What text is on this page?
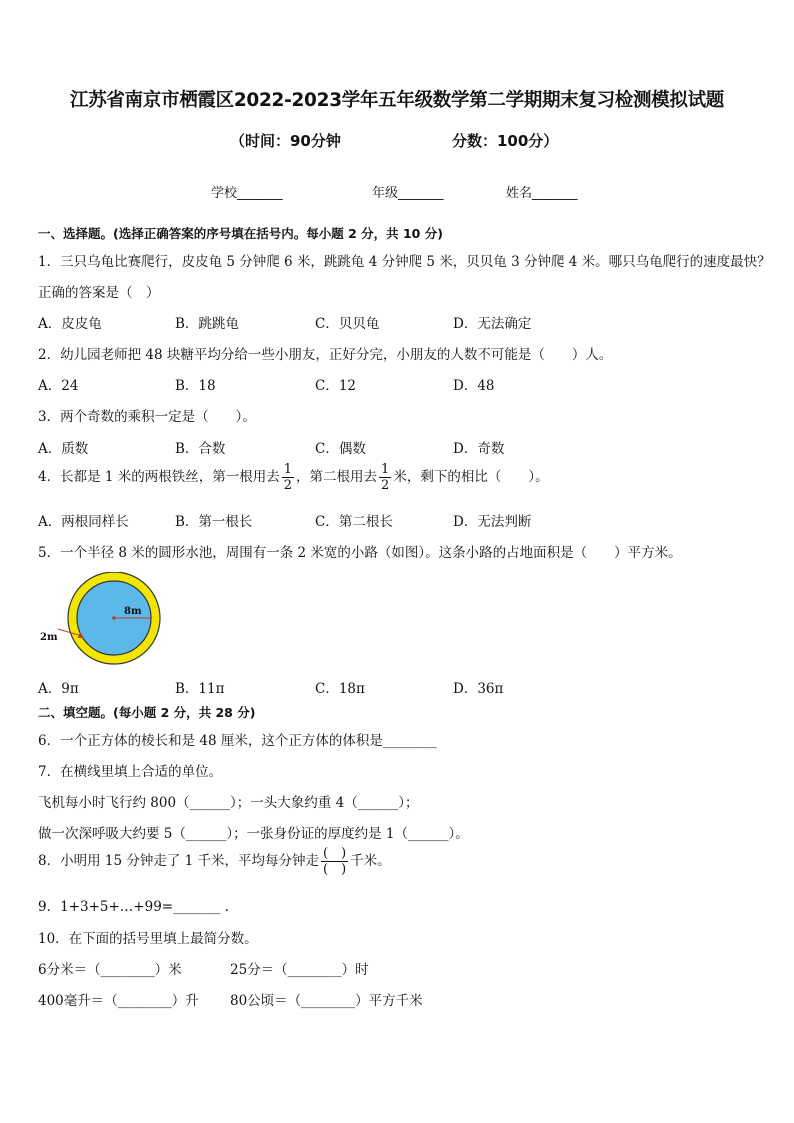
江苏省南京市栖霞区2022-2023学年五年级数学第二学期期末复习检测模拟试题
（时间：90分钟	分数：100分）
学校_______	年级_______	姓名_______
一、选择题。(选择正确答案的序号填在括号内。每小题 2 分，共 10 分)
1．三只乌龟比赛爬行，皮皮龟 5 分钟爬 6 米，跳跳龟 4 分钟爬 5 米，贝贝龟 3 分钟爬 4 米。哪只乌龟爬行的速度最快？
正确的答案是（　）
A．皮皮龟	B．跳跳龟	C．贝贝龟	D．无法确定
2．幼儿园老师把 48 块糖平均分给一些小朋友，正好分完，小朋友的人数不可能是（　　）人。
A．24	B．18	C．12	D．48
3．两个奇数的乘积一定是（　　）。
A．质数	B．合数	C．偶数	D．奇数
4．长都是 1 米的两根铁丝，第一根用去 $\frac{1}{2}$ ，第二根用去 $\frac{1}{2}$ 米，剩下的相比（　　）。
A．两根同样长	B．第一根长	C．第二根长	D．无法判断
5．一个半径 8 米的圆形水池，周围有一条 2 米宽的小路（如图）。这条小路的占地面积是（　　）平方米。
8m
2m
A．9π	B．11π	C．18π	D．36π
二、填空题。(每小题 2 分，共 28 分)
6．一个正方体的棱长和是 48 厘米，这个正方体的体积是________
7．在横线里填上合适的单位。
飞机每小时飞行约 800（______）；一头大象约重 4（______）；
做一次深呼吸大约要 5（______）；一张身份证的厚度约是 1（______）。
8．小明用 15 分钟走了 1 千米，平均每分钟走 $\frac{( )}{( )}$ 千米。
9．1+3+5+…+99=_______ .
10．在下面的括号里填上最简分数。
6分米＝（________）米	25分＝（________）时
400毫升＝（________）升 80公顷＝（________）平方千米
